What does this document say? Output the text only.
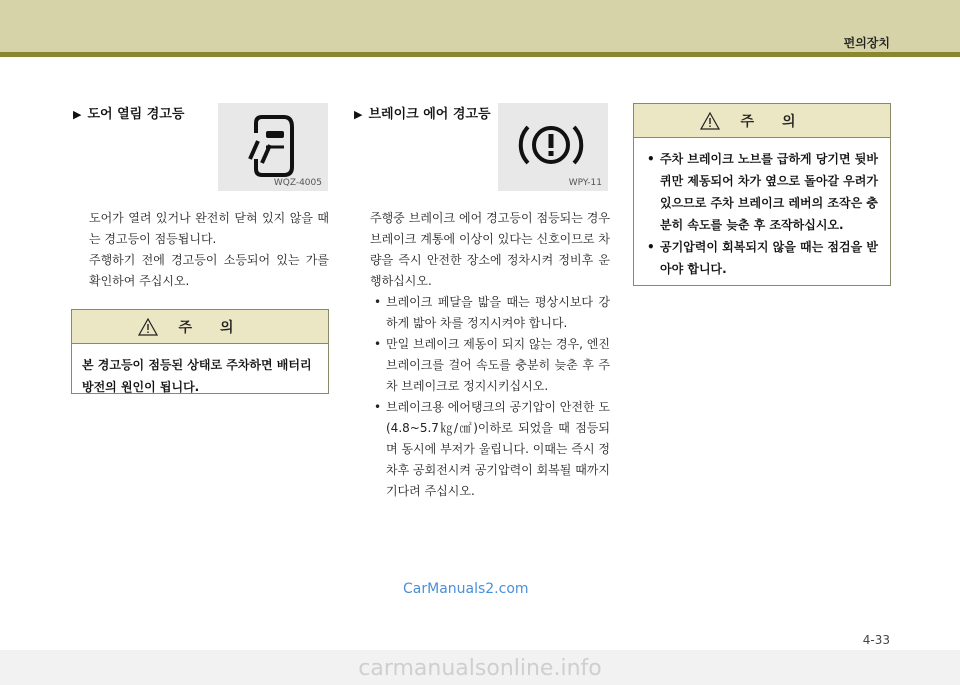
편의장치
▶ 도어 열림 경고등
WQZ-4005

도어가 열려 있거나 완전히 닫혀 있지 않을 때는 경고등이 점등됩니다.

주행하기 전에 경고등이 소등되어 있는 가를 확인하여 주십시오.

주의
본 경고등이 점등된 상태로 주차하면 배터리 방전의 원인이 됩니다.
▶ 브레이크 에어 경고등
WPY-11

주행중 브레이크 에어 경고등이 점등되는 경우 브레이크 계통에 이상이 있다는 신호이므로 차량을 즉시 안전한 장소에 정차시켜 정비후 운행하십시오.

• 브레이크 페달을 밟을 때는 평상시보다 강하게 밟아 차를 정지시켜야 합니다.
• 만일 브레이크 제동이 되지 않는 경우, 엔진 브레이크를 걸어 속도를 충분히 늦춘 후 주차 브레이크로 정지시키십시오.
• 브레이크용 에어탱크의 공기압이 안전한 도(4.8~5.7㎏/㎠)이하로 되었을 때 점등되며 동시에 부저가 울립니다. 이때는 즉시 정차후 공회전시켜 공기압력이 회복될 때까지 기다려 주십시오.
주의
• 주차 브레이크 노브를 급하게 당기면 뒷바퀴만 제동되어 차가 옆으로 돌아갈 우려가 있으므로 주차 브레이크 레버의 조작은 충분히 속도를 늦춘 후 조작하십시오.
• 공기압력이 회복되지 않을 때는 점검을 받아야 합니다.
CarManuals2.com
4-33
carmanualsonline.info
